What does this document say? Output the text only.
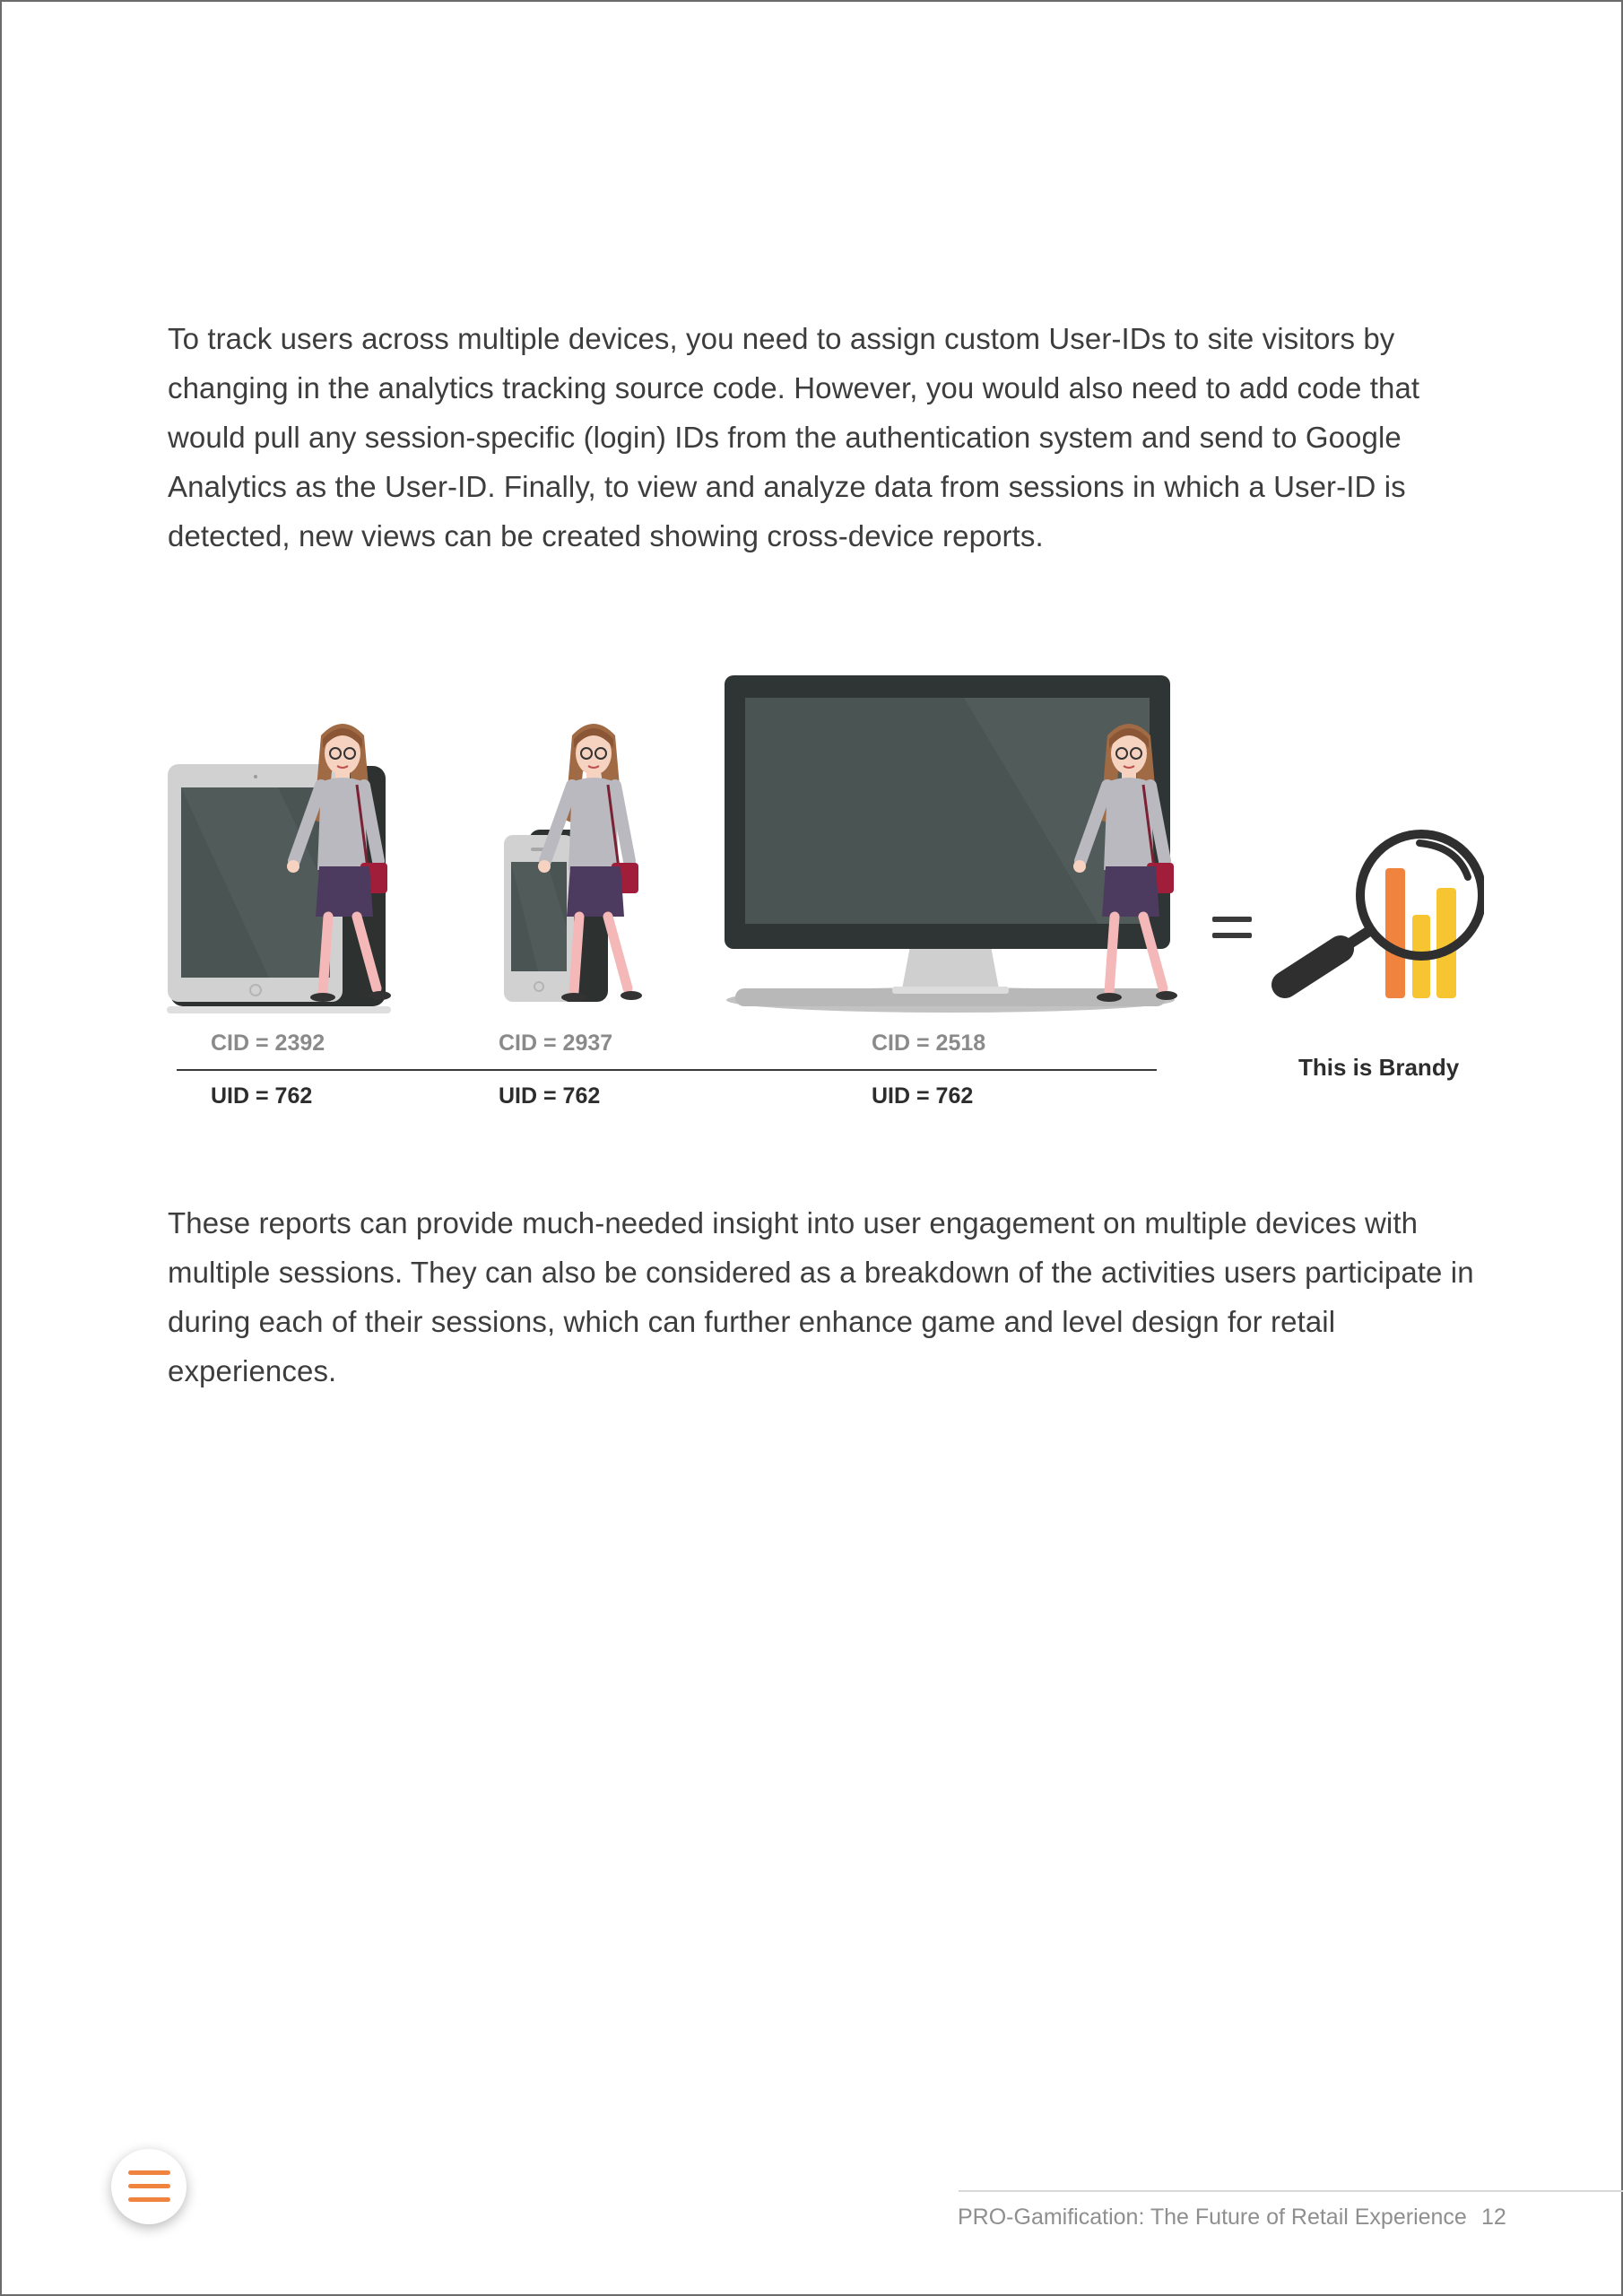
To track users across multiple devices, you need to assign custom User-IDs to site visitors by changing in the analytics tracking source code. However, you would also need to add code that would pull any session-specific (login) IDs from the authentication system and send to Google Analytics as the User-ID. Finally, to view and analyze data from sessions in which a User-ID is detected, new views can be created showing cross-device reports.

CID = 2392	CID = 2937	CID = 2518
UID = 762	UID = 762	UID = 762
This is Brandy

These reports can provide much-needed insight into user engagement on multiple devices with multiple sessions. They can also be considered as a breakdown of the activities users participate in during each of their sessions, which can further enhance game and level design for retail experiences.

PRO-Gamification: The Future of Retail Experience 12
